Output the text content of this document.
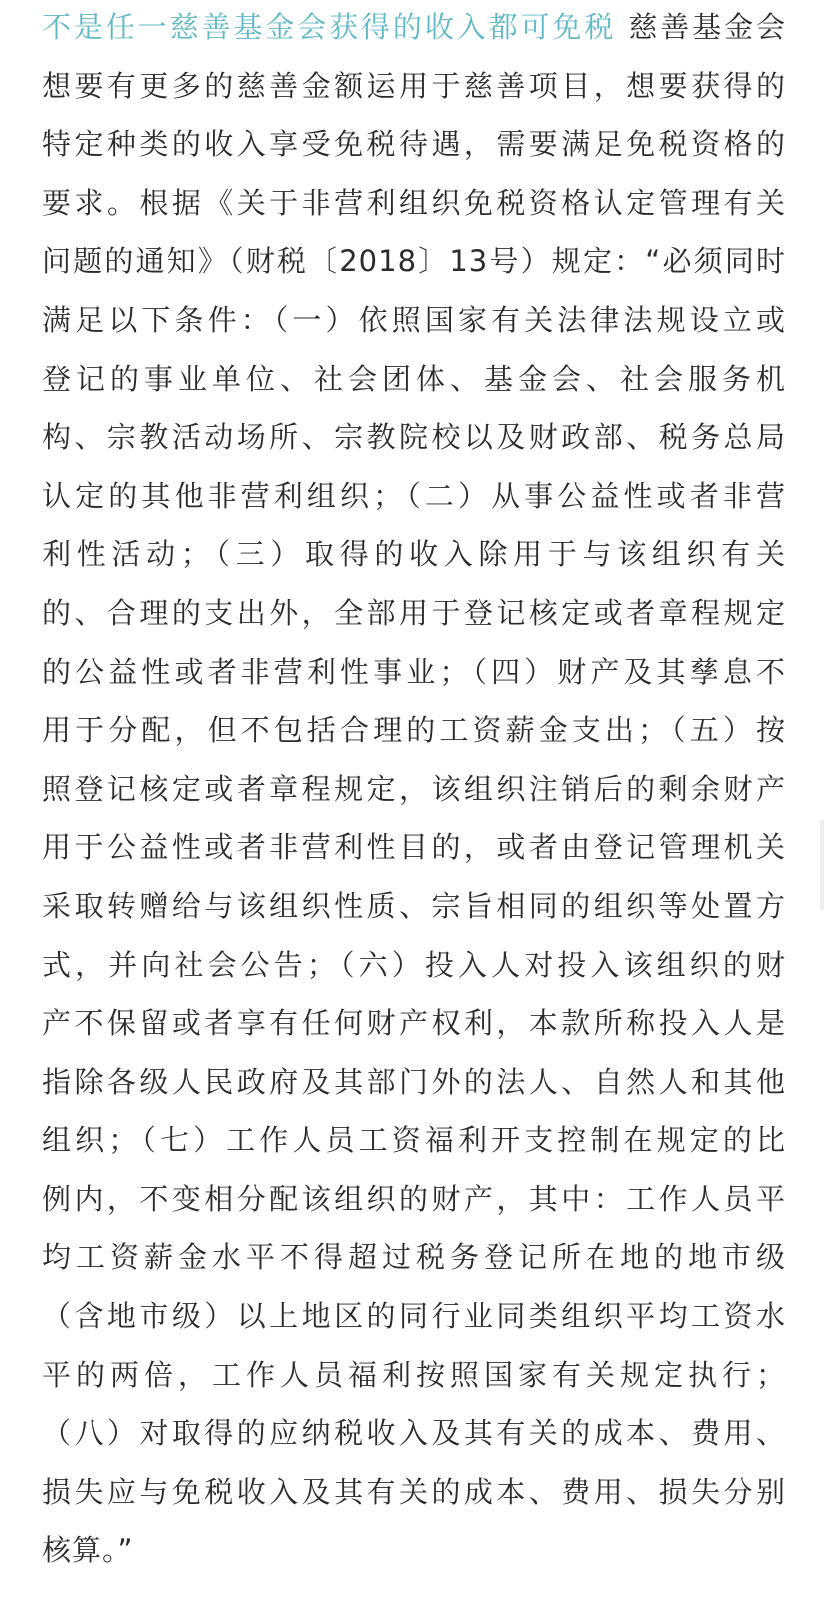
不是任一慈善基金会获得的收入都可免税 慈善基金会
想要有更多的慈善金额运用于慈善项目，想要获得的
特定种类的收入享受免税待遇，需要满足免税资格的
要求。根据《关于非营利组织免税资格认定管理有关
问题的通知》（财税〔2018〕13号）规定：“必须同时
满足以下条件：（一）依照国家有关法律法规设立或
登记的事业单位、社会团体、基金会、社会服务机
构、宗教活动场所、宗教院校以及财政部、税务总局
认定的其他非营利组织；（二）从事公益性或者非营
利性活动；（三）取得的收入除用于与该组织有关
的、合理的支出外，全部用于登记核定或者章程规定
的公益性或者非营利性事业；（四）财产及其孳息不
用于分配，但不包括合理的工资薪金支出；（五）按
照登记核定或者章程规定，该组织注销后的剩余财产
用于公益性或者非营利性目的，或者由登记管理机关
采取转赠给与该组织性质、宗旨相同的组织等处置方
式，并向社会公告；（六）投入人对投入该组织的财
产不保留或者享有任何财产权利，本款所称投入人是
指除各级人民政府及其部门外的法人、自然人和其他
组织；（七）工作人员工资福利开支控制在规定的比
例内，不变相分配该组织的财产，其中：工作人员平
均工资薪金水平不得超过税务登记所在地的地市级
（含地市级）以上地区的同行业同类组织平均工资水
平的两倍，工作人员福利按照国家有关规定执行；
（八）对取得的应纳税收入及其有关的成本、费用、
损失应与免税收入及其有关的成本、费用、损失分别
核算。”
